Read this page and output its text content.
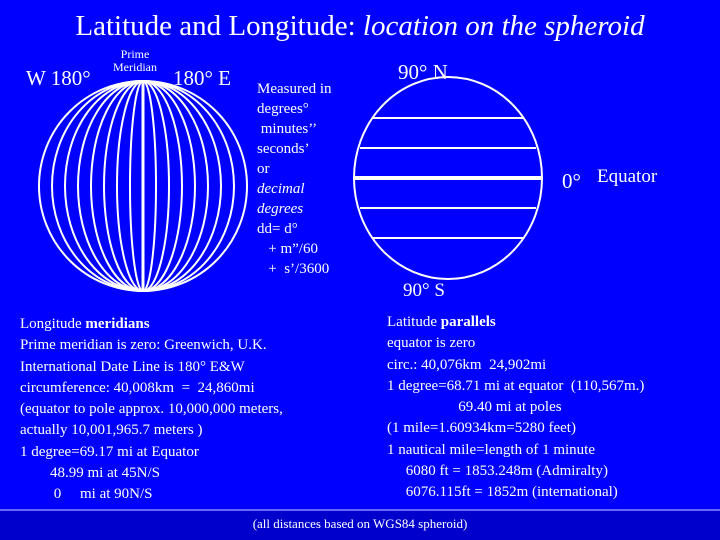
Latitude and Longitude: location on the spheroid
W 180°
Prime
Meridian 180° E Measured in
degrees°
minutes’’
seconds’
or
decimal
degrees
dd= d°
+ m”/60
+  s’/3600
90° N
0° Equator
90° S
Longitude meridians
Prime meridian is zero: Greenwich, U.K.
International Date Line is 180° E&W
circumference: 40,008km  =  24,860mi
(equator to pole approx. 10,000,000 meters,
actually 10,001,965.7 meters )
1 degree=69.17 mi at Equator
48.99 mi at 45N/S
0     mi at 90N/S
Latitude parallels
equator is zero
circ.: 40,076km  24,902mi
1 degree=68.71 mi at equator  (110,567m.)
69.40 mi at poles
(1 mile=1.60934km=5280 feet)
1 nautical mile=length of 1 minute
6080 ft = 1853.248m (Admiralty)
6076.115ft = 1852m (international)
(all distances based on WGS84 spheroid)
